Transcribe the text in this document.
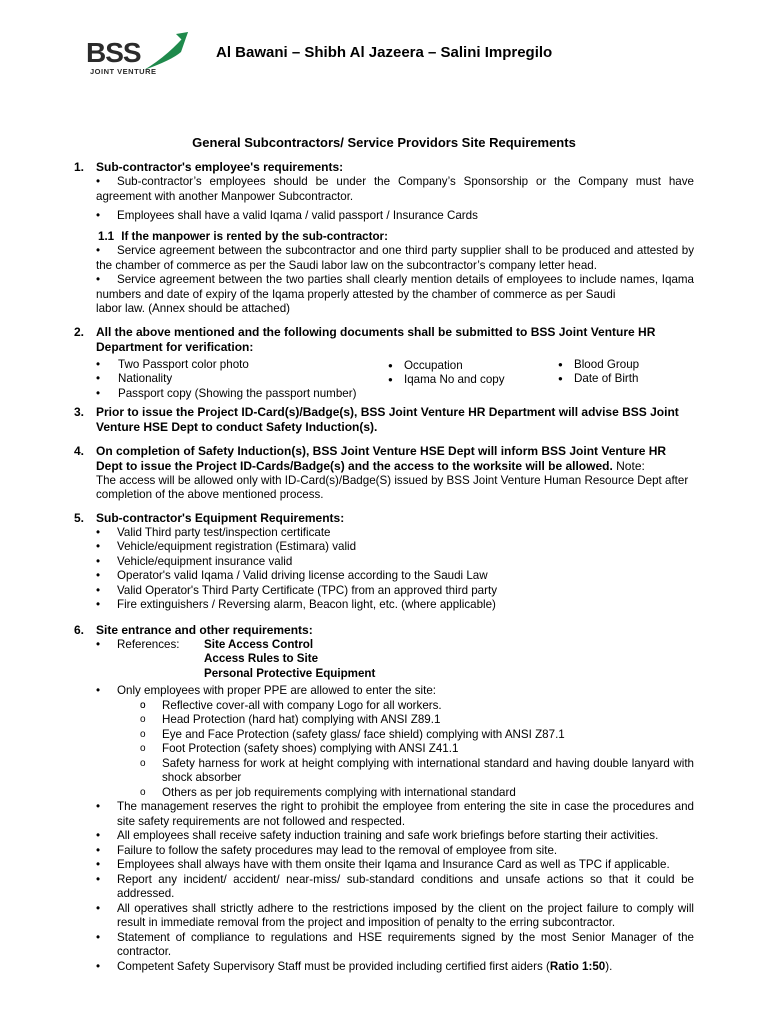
BSS
JOINT VENTURE
Al Bawani – Shibh Al Jazeera – Salini Impregilo
General Subcontractors/ Service Providors Site Requirements
1. Sub-contractor's employee's requirements:
• Sub-contractor’s employees should be under the Company’s Sponsorship or the Company must have agreement with another Manpower Subcontractor.
• Employees shall have a valid Iqama / valid passport / Insurance Cards
1.1 If the manpower is rented by the sub-contractor:
• Service agreement between the subcontractor and one third party supplier shall to be produced and attested by the chamber of commerce as per the Saudi labor law on the subcontractor’s company letter head.
• Service agreement between the two parties shall clearly mention details of employees to include names, Iqama numbers and date of expiry of the Iqama properly attested by the chamber of commerce as per Saudi
labor law. (Annex should be attached)
2. All the above mentioned and the following documents shall be submitted to BSS Joint Venture HR Department for verification:
• Two Passport color photo
• Nationality
• Passport copy (Showing the passport number)
● Occupation
● Iqama No and copy
● Blood Group
● Date of Birth
3. Prior to issue the Project ID-Card(s)/Badge(s), BSS Joint Venture HR Department will advise BSS Joint Venture HSE Dept to conduct Safety Induction(s).
4. On completion of Safety Induction(s), BSS Joint Venture HSE Dept will inform BSS Joint Venture HR Dept to issue the Project ID-Cards/Badge(s) and the access to the worksite will be allowed. Note:
The access will be allowed only with ID-Card(s)/Badge(S) issued by BSS Joint Venture Human Resource Dept after completion of the above mentioned process.
5. Sub-contractor's Equipment Requirements:
• Valid Third party test/inspection certificate
• Vehicle/equipment registration (Estimara) valid
• Vehicle/equipment insurance valid
• Operator's valid Iqama / Valid driving license according to the Saudi Law
• Valid Operator's Third Party Certificate (TPC) from an approved third party
• Fire extinguishers / Reversing alarm, Beacon light, etc. (where applicable)
6. Site entrance and other requirements:
• References: Site Access Control
Access Rules to Site
Personal Protective Equipment
• Only employees with proper PPE are allowed to enter the site:
o Reflective cover-all with company Logo for all workers.
o Head Protection (hard hat) complying with ANSI Z89.1
o Eye and Face Protection (safety glass/ face shield) complying with ANSI Z87.1
o Foot Protection (safety shoes) complying with ANSI Z41.1
o Safety harness for work at height complying with international standard and having double lanyard with shock absorber
o Others as per job requirements complying with international standard
• The management reserves the right to prohibit the employee from entering the site in case the procedures and site safety requirements are not followed and respected.
• All employees shall receive safety induction training and safe work briefings before starting their activities.
• Failure to follow the safety procedures may lead to the removal of employee from site.
• Employees shall always have with them onsite their Iqama and Insurance Card as well as TPC if applicable.
• Report any incident/ accident/ near-miss/ sub-standard conditions and unsafe actions so that it could be addressed.
• All operatives shall strictly adhere to the restrictions imposed by the client on the project failure to comply will result in immediate removal from the project and imposition of penalty to the erring subcontractor.
• Statement of compliance to regulations and HSE requirements signed by the most Senior Manager of the contractor.
• Competent Safety Supervisory Staff must be provided including certified first aiders (Ratio 1:50).
